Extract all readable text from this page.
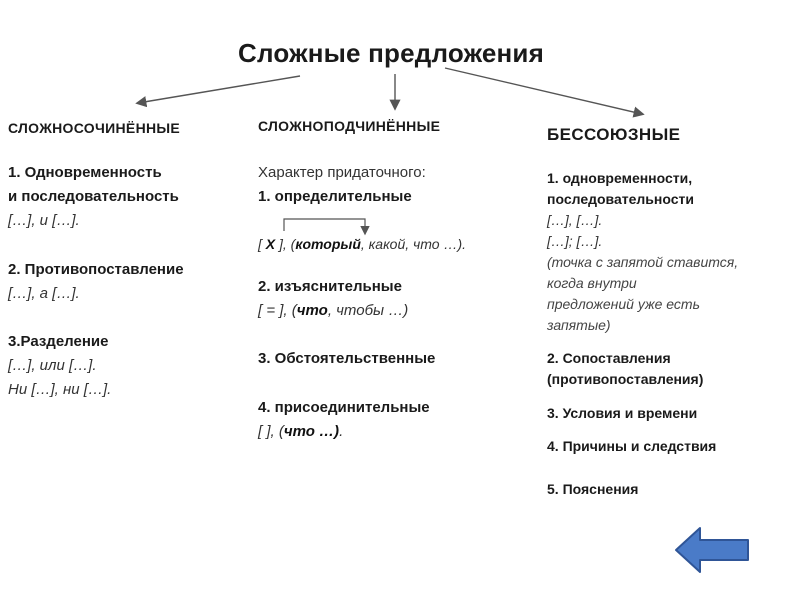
Сложные предложения
СЛОЖНОСОЧИНЁННЫЕ
1. Одновременность
и последовательность
[…], и […].
2. Противопоставление
[…], а […].
3.Разделение
[…], или […].
Ни […], ни […].
СЛОЖНОПОДЧИНЁННЫЕ
Характер придаточного:
1. определительные
[ Х ], (который, какой, что …).
2. изъяснительные
[ = ], (что, чтобы …)
3. Обстоятельственные
4. присоединительные
[ ], (что …).
БЕССОЮЗНЫЕ
1. одновременности,
последовательности
[…], […].
[…]; […].
(точка с запятой ставится,
когда внутри
предложений уже есть
запятые)
2. Сопоставления
(противопоставления)
3. Условия и времени
4. Причины и следствия
5. Пояснения
